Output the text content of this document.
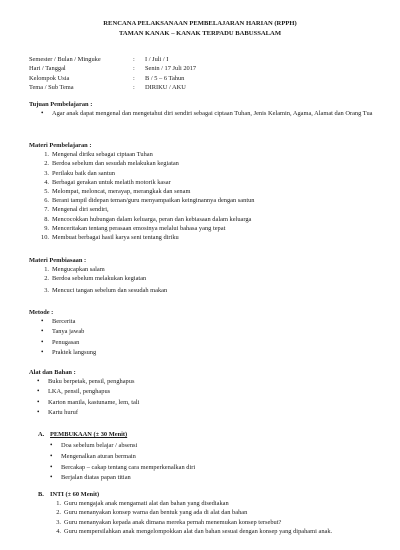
RENCANA PELAKSANAAN PEMBELAJARAN HARIAN (RPPH)
TAMAN KANAK – KANAK TERPADU BABUSSALAM
Semester / Bulan / Minguke	:	I / Juli / I
Hari / Tanggal	:	Senin / 17 Juli 2017
Kelompok Usia	:	B / 5 – 6 Tahun
Tema / Sub Tema	:	DIRIKU / AKU
Tujuan Pembelajaran :
• Agar anak dapat mengenal dan mengetahui diri sendiri sebagai ciptaan Tuhan, Jenis Kelamin, Agama, Alamat dan Orang Tua
Materi Pembelajaran :
1. Mengenal diriku sebagai ciptaan Tuhan
2. Berdoa sebelum dan sesudah melakukan kegiatan
3. Perilaku baik dan santun
4. Berbagai gerakan untuk melatih motorik kasar
5. Melompat, meloncat, merayap, merangkak dan senam
6. Berani tampil didepan teman/guru menyampaikan keinginannya dengan santun
7. Mengenal diri sendiri,
8. Mencocokkan hubungan dalam keluarga, peran dan kebiasaan dalam keluarga
9. Menceritakan tentang perasaan emosinya melalui bahasa yang tepat
10. Membuat berbagai hasil karya seni tentang diriku
Materi Pembiasaan :
1. Mengucapkan salam
2. Berdoa sebelum melakukan kegiatan
3. Mencuci tangan sebelum dan sesudah makan
Metode :
• Bercerita
• Tanya jawab
• Penugasan
• Praktek langsung
Alat dan Bahan :
• Buku berpetak, pensil, penghapus
• LKA, pensil, penghapus
• Karton manila, kastuname, lem, tali
• Kartu huruf
A. PEMBUKAAN (± 30 Menit)
• Doa sebelum belajar / absensi
• Mengenalkan aturan bermain
• Bercakap – cakap tentang cara memperkenalkan diri
• Berjalan diatas papan titian
B. INTI (± 60 Menit)
1. Guru mengajak anak mengamati alat dan bahan yang disediakan
2. Guru menanyakan konsep warna dan bentuk yang ada di alat dan bahan
3. Guru menanyakan kepada anak dimana mereka pernah menemukan konsep tersebut?
4. Guru mempersilahkan anak mengelompokkan alat dan bahan sesuai dengan konsep yang dipahami anak.
